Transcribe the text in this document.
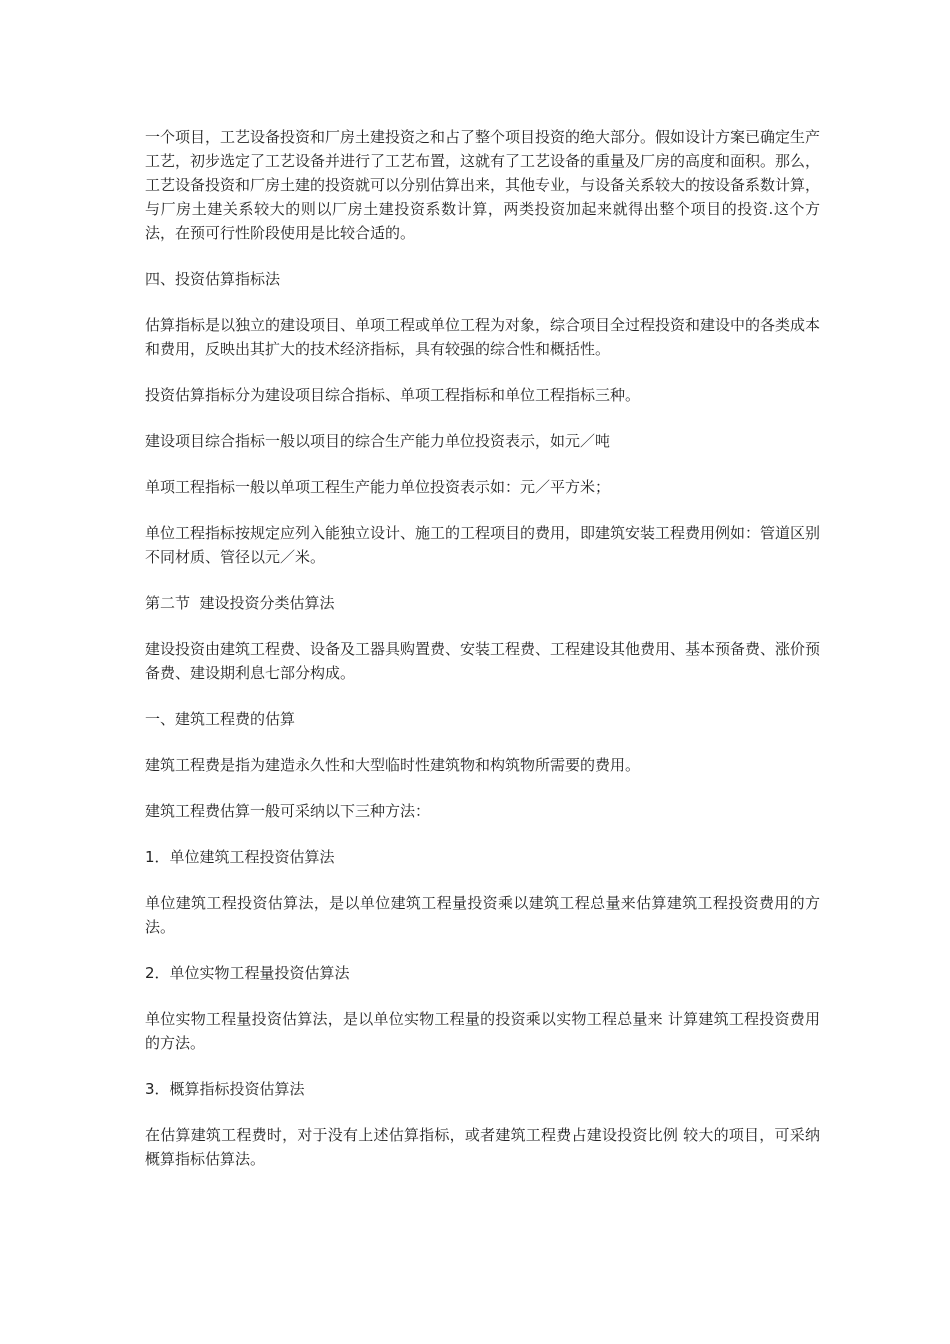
一个项目，工艺设备投资和厂房土建投资之和占了整个项目投资的绝大部分。假如设计方案已确定生产工艺，初步选定了工艺设备并进行了工艺布置，这就有了工艺设备的重量及厂房的高度和面积。那么，工艺设备投资和厂房土建的投资就可以分别估算出来，其他专业，与设备关系较大的按设备系数计算，与厂房土建关系较大的则以厂房土建投资系数计算，两类投资加起来就得出整个项目的投资.这个方法，在预可行性阶段使用是比较合适的。

四、投资估算指标法

估算指标是以独立的建设项目、单项工程或单位工程为对象，综合项目全过程投资和建设中的各类成本和费用，反映出其扩大的技术经济指标，具有较强的综合性和概括性。

投资估算指标分为建设项目综合指标、单项工程指标和单位工程指标三种。

建设项目综合指标一般以项目的综合生产能力单位投资表示，如元／吨

单项工程指标一般以单项工程生产能力单位投资表示如：元／平方米；

单位工程指标按规定应列入能独立设计、施工的工程项目的费用，即建筑安装工程费用例如：管道区别不同材质、管径以元／米。

第二节  建设投资分类估算法

建设投资由建筑工程费、设备及工器具购置费、安装工程费、工程建设其他费用、基本预备费、涨价预备费、建设期利息七部分构成。

一、建筑工程费的估算

建筑工程费是指为建造永久性和大型临时性建筑物和构筑物所需要的费用。

建筑工程费估算一般可采纳以下三种方法：

1．单位建筑工程投资估算法

单位建筑工程投资估算法，是以单位建筑工程量投资乘以建筑工程总量来估算建筑工程投资费用的方法。

2．单位实物工程量投资估算法

单位实物工程量投资估算法，是以单位实物工程量的投资乘以实物工程总量来 计算建筑工程投资费用的方法。

3．概算指标投资估算法

在估算建筑工程费时，对于没有上述估算指标，或者建筑工程费占建设投资比例 较大的项目，可采纳概算指标估算法。
